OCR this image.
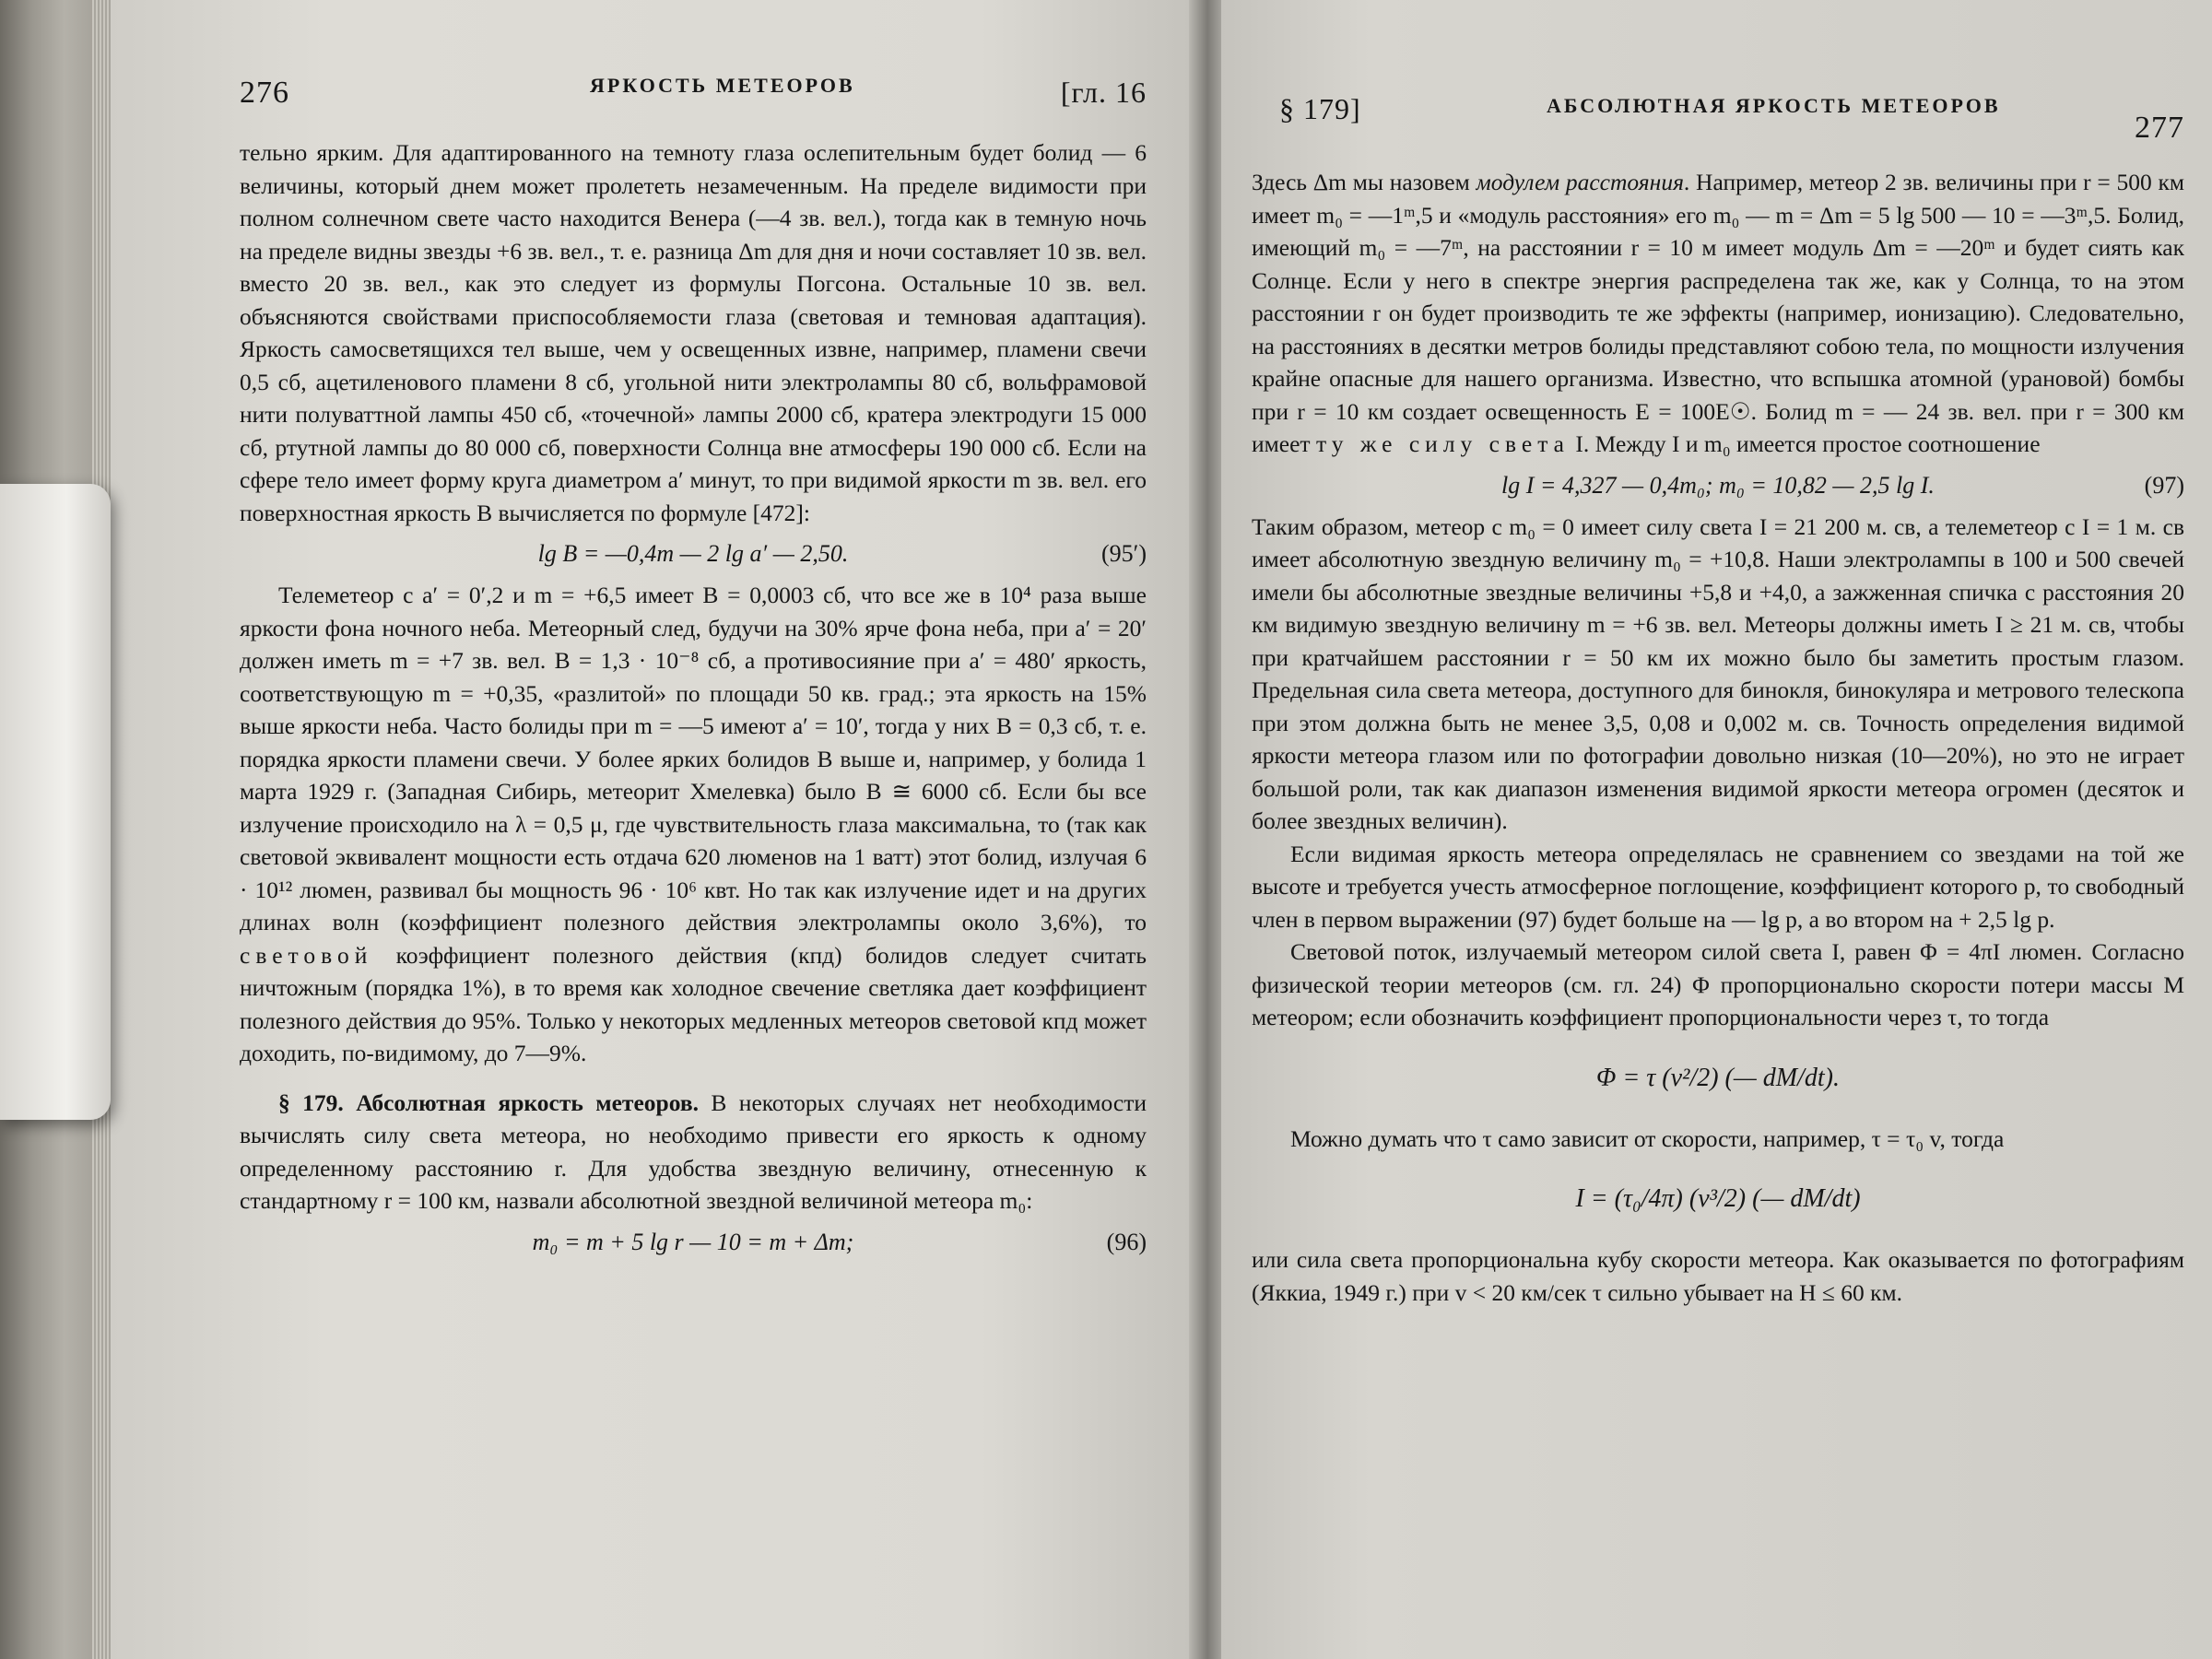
276	ЯРКОСТЬ МЕТЕОРОВ	[гл. 16

тельно ярким. Для адаптированного на темноту глаза ослепительным будет болид — 6 величины, который днем может пролететь незамеченным. На пределе видимости при полном солнечном свете часто находится Венера (—4 зв. вел.), тогда как в темную ночь на пределе видны звезды +6 зв. вел., т. е. разница Δm для дня и ночи составляет 10 зв. вел. вместо 20 зв. вел., как это следует из формулы Погсона. Остальные 10 зв. вел. объясняются свойствами приспособляемости глаза (световая и темновая адаптация). Яркость самосветящихся тел выше, чем у освещенных извне, например, пламени свечи 0,5 сб, ацетиленового пламени 8 сб, угольной нити электролампы 80 сб, вольфрамовой нити полуваттной лампы 450 сб, «точечной» лампы 2000 сб, кратера электродуги 15 000 сб, ртутной лампы до 80 000 сб, поверхности Солнца вне атмосферы 190 000 сб. Если на сфере тело имеет форму круга диаметром a′ минут, то при видимой яркости m зв. вел. его поверхностная яркость B вычисляется по формуле [472]:

lg B = —0,4m — 2 lg a′ — 2,50.	(95′)

Телеметеор с a′ = 0′,2 и m = +6,5 имеет B = 0,0003 сб, что все же в 10⁴ раза выше яркости фона ночного неба. Метеорный след, будучи на 30% ярче фона неба, при a′ = 20′ должен иметь m = +7 зв. вел. B = 1,3 · 10⁻⁸ сб, а противосияние при a′ = 480′ яркость, соответствующую m = +0,35, «разлитой» по площади 50 кв. град.; эта яркость на 15% выше яркости неба. Часто болиды при m = —5 имеют a′ = 10′, тогда у них B = 0,3 сб, т. е. порядка яркости пламени свечи. У более ярких болидов B выше и, например, у болида 1 марта 1929 г. (Западная Сибирь, метеорит Хмелевка) было B ≅ 6000 сб. Если бы все излучение происходило на λ = 0,5 μ, где чувствительность глаза максимальна, то (так как световой эквивалент мощности есть отдача 620 люменов на 1 ватт) этот болид, излучая 6 · 10¹² люмен, развивал бы мощность 96 · 10⁶ квт. Но так как излучение идет и на других длинах волн (коэффициент полезного действия электролампы около 3,6%), то световой коэффициент полезного действия (кпд) болидов следует считать ничтожным (порядка 1%), в то время как холодное свечение светляка дает коэффициент полезного действия до 95%. Только у некоторых медленных метеоров световой кпд может доходить, по-видимому, до 7—9%.

§ 179. Абсолютная яркость метеоров. В некоторых случаях нет необходимости вычислять силу света метеора, но необходимо привести его яркость к одному определенному расстоянию r. Для удобства звездную величину, отнесенную к стандартному r = 100 км, назвали абсолютной звездной величиной метеора m₀:

m₀ = m + 5 lg r — 10 = m + Δm;	(96)
§ 179]	АБСОЛЮТНАЯ ЯРКОСТЬ МЕТЕОРОВ
277

Здесь Δm мы назовем модулем расстояния. Например, метеор 2 зв. величины при r = 500 км имеет m₀ = —1ᵐ,5 и «модуль расстояния» его m₀ — m = Δm = 5 lg 500 — 10 = —3ᵐ,5. Болид, имеющий m₀ = —7ᵐ, на расстоянии r = 10 м имеет модуль Δm = —20ᵐ и будет сиять как Солнце. Если у него в спектре энергия распределена так же, как у Солнца, то на этом расстоянии r он будет производить те же эффекты (например, ионизацию). Следовательно, на расстояниях в десятки метров болиды представляют собою тела, по мощности излучения крайне опасные для нашего организма. Известно, что вспышка атомной (урановой) бомбы при r = 10 км создает освещенность E = 100E☉. Болид m = — 24 зв. вел. при r = 300 км имеет ту же силу света I. Между I и m₀ имеется простое соотношение

lg I = 4,327 — 0,4m₀; m₀ = 10,82 — 2,5 lg I.	(97)

Таким образом, метеор с m₀ = 0 имеет силу света I = 21 200 м. св, а телеметеор с I = 1 м. св имеет абсолютную звездную величину m₀ = +10,8. Наши электролампы в 100 и 500 свечей имели бы абсолютные звездные величины +5,8 и +4,0, а зажженная спичка с расстояния 20 км видимую звездную величину m = +6 зв. вел. Метеоры должны иметь I ≥ 21 м. св, чтобы при кратчайшем расстоянии r = 50 км их можно было бы заметить простым глазом. Предельная сила света метеора, доступного для бинокля, бинокуляра и метрового телескопа при этом должна быть не менее 3,5, 0,08 и 0,002 м. св. Точность определения видимой яркости метеора глазом или по фотографии довольно низкая (10—20%), но это не играет большой роли, так как диапазон изменения видимой яркости метеора огромен (десяток и более звездных величин).

Если видимая яркость метеора определялась не сравнением со звездами на той же высоте и требуется учесть атмосферное поглощение, коэффициент которого p, то свободный член в первом выражении (97) будет больше на — lg p, а во втором на + 2,5 lg p.

Световой поток, излучаемый метеором силой света I, равен Φ = 4πI люмен. Согласно физической теории метеоров (см. гл. 24) Φ пропорционально скорости потери массы M метеором; если обозначить коэффициент пропорциональности через τ, то тогда

Φ = τ (v²/2) (— dM/dt).

Можно думать что τ само зависит от скорости, например, τ = τ₀ v, тогда

I = (τ₀/4π) (v³/2) (— dM/dt)

или сила света пропорциональна кубу скорости метеора. Как оказывается по фотографиям (Яккиа, 1949 г.) при v < 20 км/сек τ сильно убывает на H ≤ 60 км.
